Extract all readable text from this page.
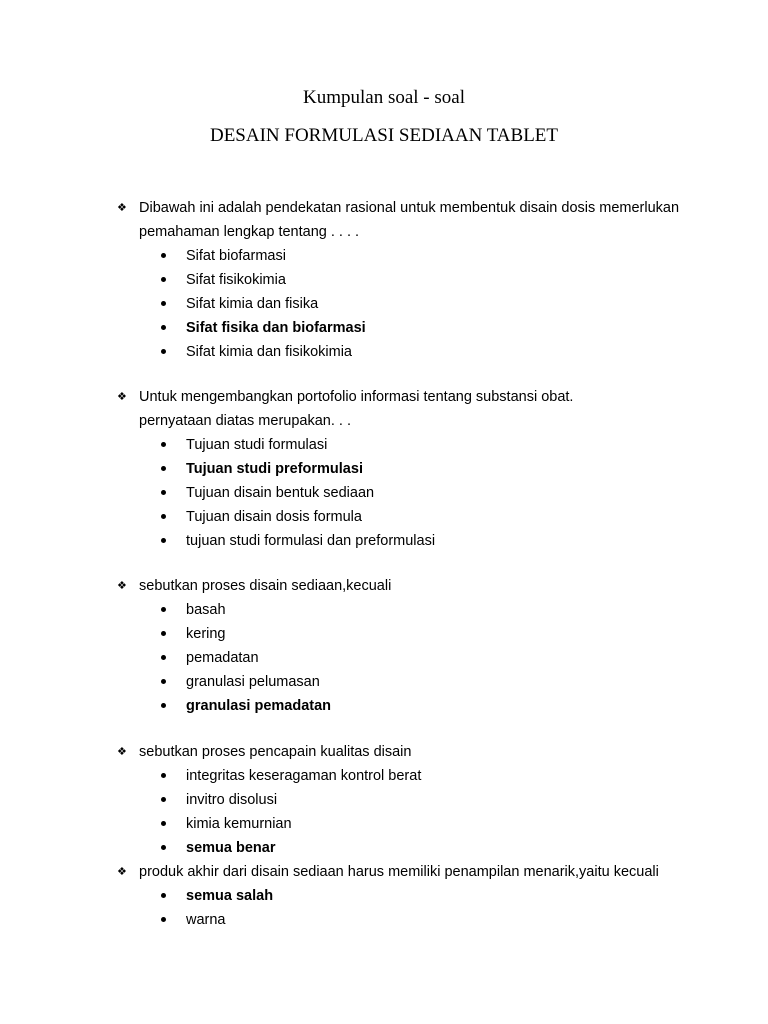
Kumpulan soal - soal
DESAIN FORMULASI SEDIAAN TABLET
❖ Dibawah ini adalah pendekatan rasional untuk membentuk disain dosis memerlukan
pemahaman lengkap tentang . . . .
Sifat biofarmasi
Sifat fisikokimia
Sifat kimia dan fisika
Sifat fisika dan biofarmasi
Sifat kimia dan fisikokimia
❖ Untuk mengembangkan portofolio informasi tentang substansi obat.
pernyataan diatas merupakan. . .
Tujuan studi formulasi
Tujuan studi preformulasi
Tujuan disain bentuk sediaan
Tujuan disain dosis formula
tujuan studi formulasi dan preformulasi
❖ sebutkan proses disain sediaan,kecuali
basah
kering
pemadatan
granulasi pelumasan
granulasi pemadatan
❖ sebutkan proses pencapain kualitas disain
integritas keseragaman kontrol berat
invitro disolusi
kimia kemurnian
semua benar
❖ produk akhir dari disain sediaan harus memiliki penampilan menarik,yaitu kecuali
semua salah
warna
